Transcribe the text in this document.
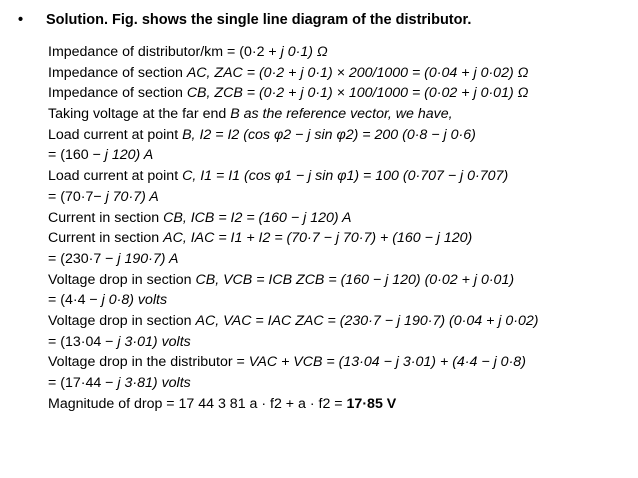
• Solution. Fig. shows the single line diagram of the distributor.
Impedance of distributor/km = (0·2 + j 0·1) Ω
Impedance of section AC, ZAC = (0·2 + j 0·1) × 200/1000 = (0·04 + j 0·02) Ω
Impedance of section CB, ZCB = (0·2 + j 0·1) × 100/1000 = (0·02 + j 0·01) Ω
Taking voltage at the far end B as the reference vector, we have,
Load current at point B, I2 = I2 (cos φ2 − j sin φ2) = 200 (0·8 − j 0·6)
= (160 − j 120) A
Load current at point C, I1 = I1 (cos φ1 − j sin φ1) = 100 (0·707 − j 0·707)
= (70·7− j 70·7) A
Current in section CB, ICB = I2 = (160 − j 120) A
Current in section AC, IAC = I1 + I2 = (70·7 − j 70·7) + (160 − j 120)
= (230·7 − j 190·7) A
Voltage drop in section CB, VCB = ICB ZCB = (160 − j 120) (0·02 + j 0·01)
= (4·4 − j 0·8) volts
Voltage drop in section AC, VAC = IAC ZAC = (230·7 − j 190·7) (0·04 + j 0·02)
= (13·04 − j 3·01) volts
Voltage drop in the distributor = VAC + VCB = (13·04 − j 3·01) + (4·4 − j 0·8)
= (17·44 − j 3·81) volts
Magnitude of drop = 17 44 3 81 a · f2 + a · f2 = 17·85 V
